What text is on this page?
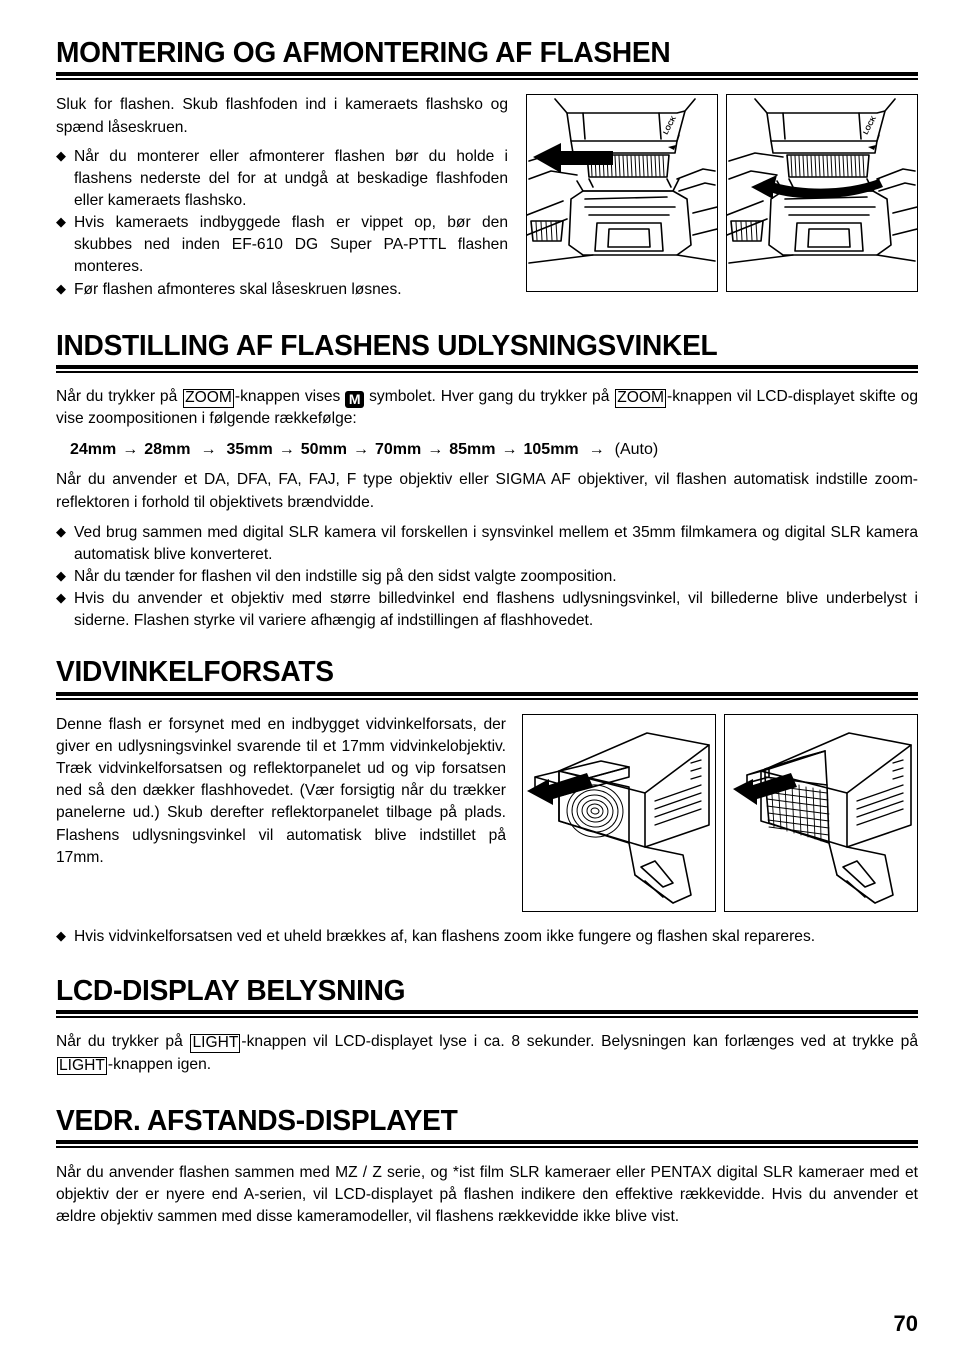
MONTERING OG AFMONTERING AF FLASHEN

Sluk for flashen. Skub flashfoden ind i kameraets flashsko og spænd låseskruen.

◆ Når du monterer eller afmonterer flashen bør du holde i flashens nederste del for at undgå at beskadige flashfoden eller kameraets flashsko.
◆ Hvis kameraets indbyggede flash er vippet op, bør den skubbes ned inden EF-610 DG Super PA-PTTL flashen monteres.
◆ Før flashen afmonteres skal låseskruen løsnes.
LOCK	LOCK
INDSTILLING AF FLASHENS UDLYSNINGSVINKEL

Når du trykker på ZOOM -knappen vises M symbolet. Hver gang du trykker på ZOOM -knappen vil LCD-displayet skifte og vise zoompositionen i følgende rækkefølge:

24mm → 28mm → 35mm → 50mm → 70mm → 85mm → 105mm → (Auto)

Når du anvender et DA, DFA, FA, FAJ, F type objektiv eller SIGMA AF objektiver, vil flashen automatisk indstille zoom-reflektoren i forhold til objektivets brændvidde.

◆ Ved brug sammen med digital SLR kamera vil forskellen i synsvinkel mellem et 35mm filmkamera og digital SLR kamera automatisk blive konverteret.
◆ Når du tænder for flashen vil den indstille sig på den sidst valgte zoomposition.
◆ Hvis du anvender et objektiv med større billedvinkel end flashens udlysningsvinkel, vil billederne blive underbelyst i siderne. Flashen styrke vil variere afhængig af indstillingen af flashhovedet.
VIDVINKELFORSATS

Denne flash er forsynet med en indbygget vidvinkelforsats, der giver en udlysningsvinkel svarende til et 17mm vidvinkelobjektiv. Træk vidvinkelforsatsen og reflektorpanelet ud og vip forsatsen ned så den dækker flashhovedet. (Vær forsigtig når du trækker panelerne ud.) Skub derefter reflektorpanelet tilbage på plads. Flashens udlysningsvinkel vil automatisk blive indstillet på 17mm.

◆ Hvis vidvinkelforsatsen ved et uheld brækkes af, kan flashens zoom ikke fungere og flashen skal repareres.
LCD-DISPLAY BELYSNING

Når du trykker på LIGHT -knappen vil LCD-displayet lyse i ca. 8 sekunder. Belysningen kan forlænges ved at trykke på LIGHT -knappen igen.

VEDR. AFSTANDS-DISPLAYET

Når du anvender flashen sammen med MZ / Z serie, og *ist film SLR kameraer eller PENTAX digital SLR kameraer med et objektiv der er nyere end A-serien, vil LCD-displayet på flashen indikere den effektive rækkevidde. Hvis du anvender et ældre objektiv sammen med disse kameramodeller, vil flashens rækkevidde ikke blive vist.

70
